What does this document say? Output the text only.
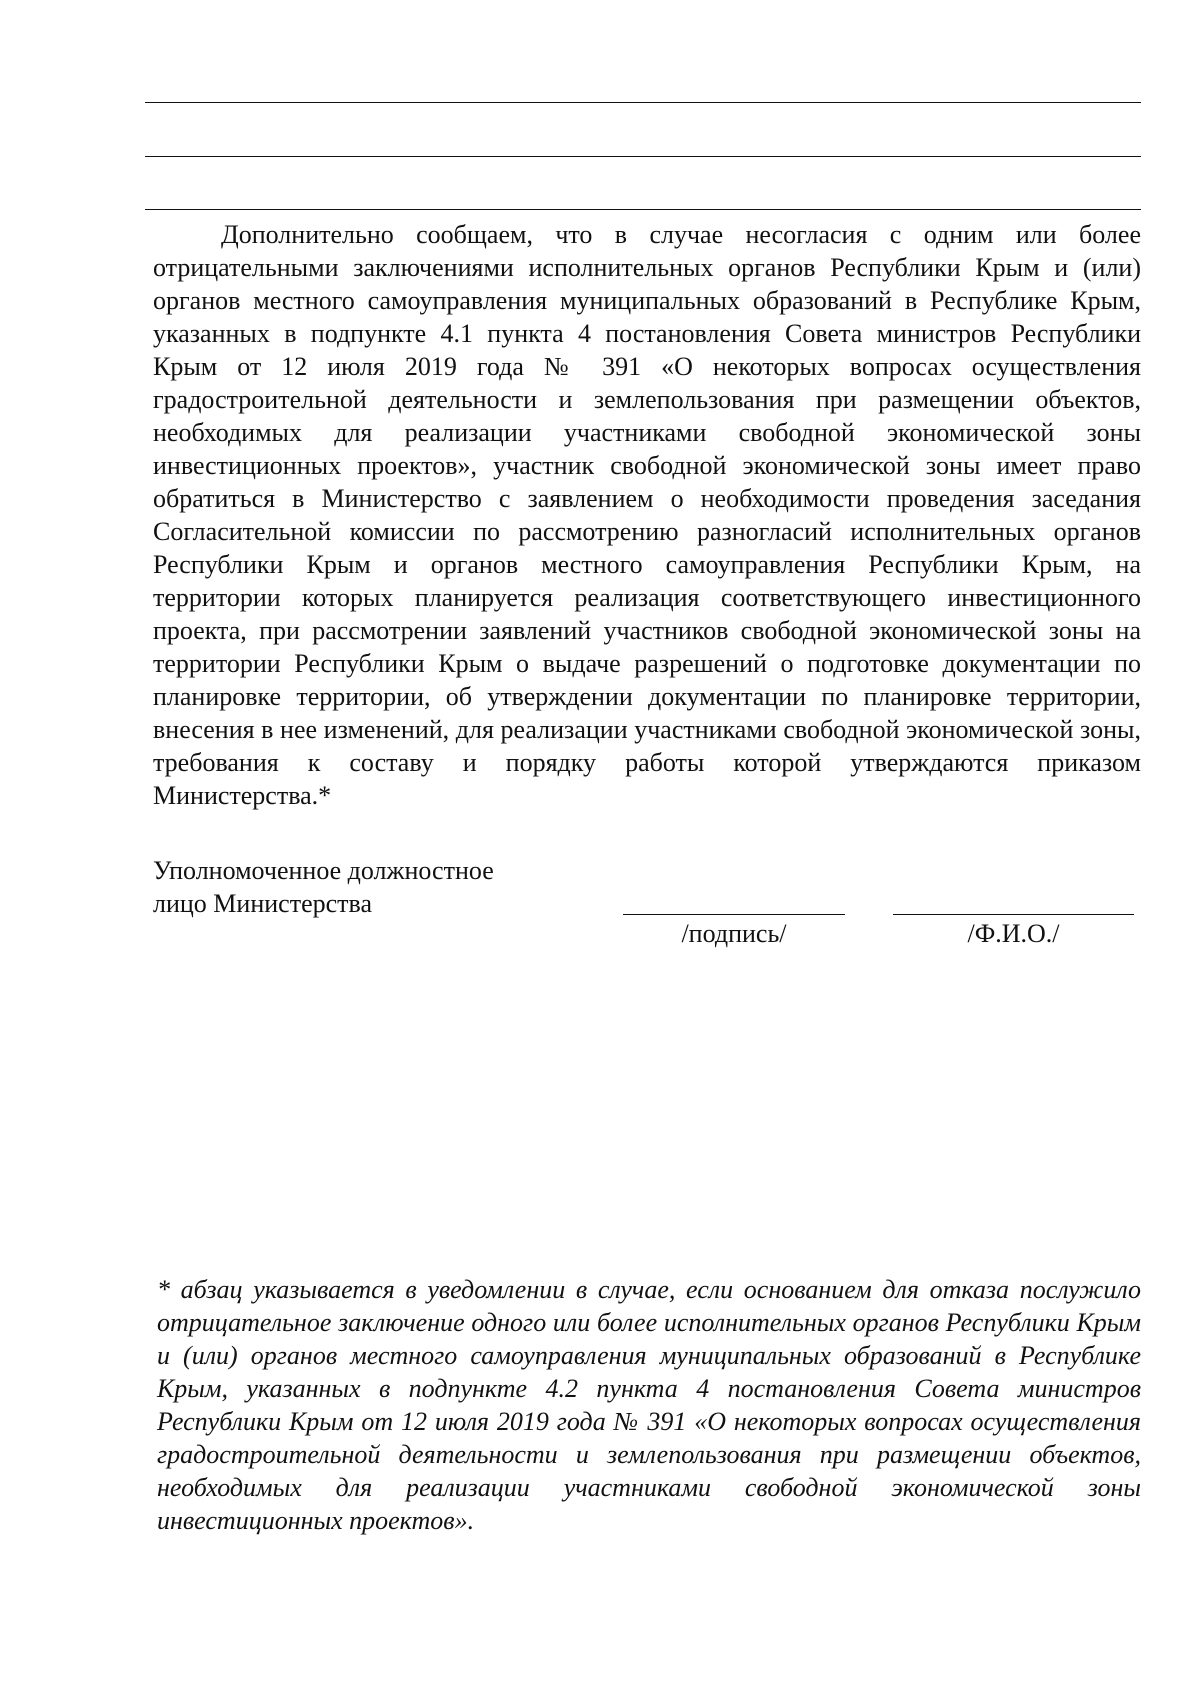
Дополнительно сообщаем, что в случае несогласия с одним или более отрицательными заключениями исполнительных органов Республики Крым и (или) органов местного самоуправления муниципальных образований в Республике Крым, указанных в подпункте 4.1 пункта 4 постановления Совета министров Республики Крым от 12 июля 2019 года № 391 «О некоторых вопросах осуществления градостроительной деятельности и землепользования при размещении объектов, необходимых для реализации участниками свободной экономической зоны инвестиционных проектов», участник свободной экономической зоны имеет право обратиться в Министерство с заявлением о необходимости проведения заседания Согласительной комиссии по рассмотрению разногласий исполнительных органов Республики Крым и органов местного самоуправления Республики Крым, на территории которых планируется реализация соответствующего инвестиционного проекта, при рассмотрении заявлений участников свободной экономической зоны на территории Республики Крым о выдаче разрешений о подготовке документации по планировке территории, об утверждении документации по планировке территории, внесения в нее изменений, для реализации участниками свободной экономической зоны, требования к составу и порядку работы которой утверждаются приказом Министерства.*

Уполномоченное должностное
лицо Министерства
/подпись/	/Ф.И.О./

* абзац указывается в уведомлении в случае, если основанием для отказа послужило отрицательное заключение одного или более исполнительных органов Республики Крым и (или) органов местного самоуправления муниципальных образований в Республике Крым, указанных в подпункте 4.2 пункта 4 постановления Совета министров Республики Крым от 12 июля 2019 года № 391 «О некоторых вопросах осуществления градостроительной деятельности и землепользования при размещении объектов, необходимых для реализации участниками свободной экономической зоны инвестиционных проектов».
